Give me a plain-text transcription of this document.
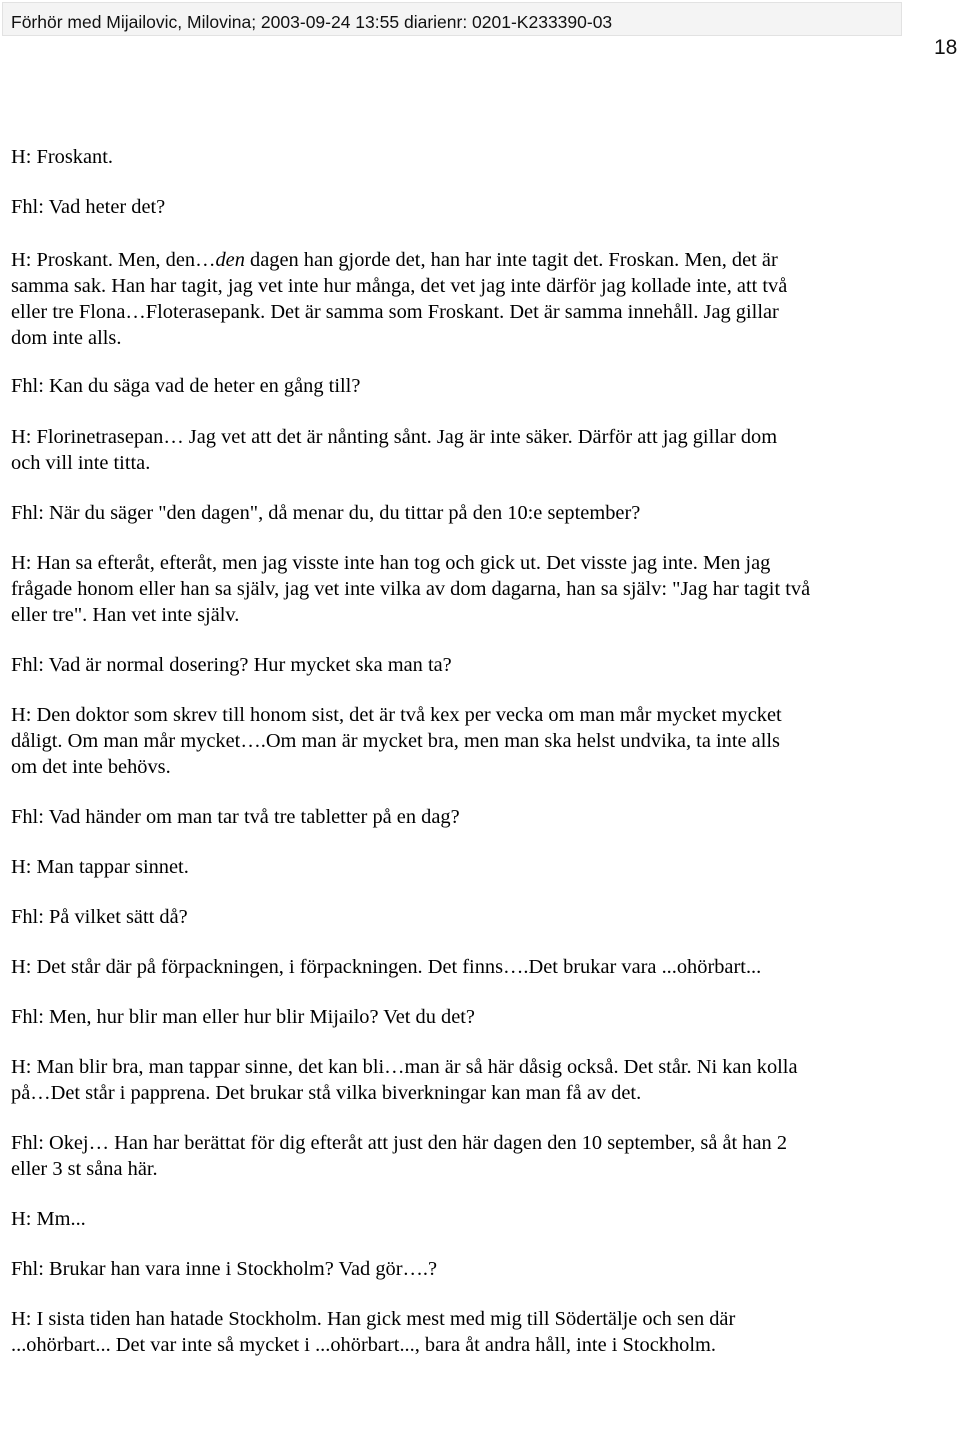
Förhör med Mijailovic, Milovina; 2003-09-24 13:55 diarienr: 0201-K233390-03
18

H: Froskant.

Fhl: Vad heter det?

H: Proskant. Men, den…den dagen han gjorde det, han har inte tagit det. Froskan. Men, det är samma sak. Han har tagit, jag vet inte hur många, det vet jag inte därför jag kollade inte, att två eller tre Flona…Floterasepank. Det är samma som Froskant. Det är samma innehåll. Jag gillar dom inte alls.

Fhl: Kan du säga vad de heter en gång till?

H: Florinetrasepan… Jag vet att det är nånting sånt. Jag är inte säker. Därför att jag gillar dom och vill inte titta.

Fhl: När du säger "den dagen", då menar du, du tittar på den 10:e september?

H: Han sa efteråt, efteråt, men jag visste inte han tog och gick ut. Det visste jag inte. Men jag frågade honom eller han sa själv, jag vet inte vilka av dom dagarna, han sa själv: "Jag har tagit två eller tre". Han vet inte själv.

Fhl: Vad är normal dosering? Hur mycket ska man ta?

H: Den doktor som skrev till honom sist, det är två kex per vecka om man mår mycket mycket dåligt. Om man mår mycket….Om man är mycket bra, men man ska helst undvika, ta inte alls om det inte behövs.

Fhl: Vad händer om man tar två tre tabletter på en dag?

H: Man tappar sinnet.

Fhl: På vilket sätt då?

H: Det står där på förpackningen, i förpackningen. Det finns….Det brukar vara ...ohörbart...

Fhl: Men, hur blir man eller hur blir Mijailo? Vet du det?

H: Man blir bra, man tappar sinne, det kan bli…man är så här dåsig också. Det står. Ni kan kolla på…Det står i papprena. Det brukar stå vilka biverkningar kan man få av det.

Fhl: Okej… Han har berättat för dig efteråt att just den här dagen den 10 september, så åt han 2 eller 3 st såna här.

H: Mm...

Fhl: Brukar han vara inne i Stockholm? Vad gör….?

H: I sista tiden han hatade Stockholm. Han gick mest med mig till Södertälje och sen där ...ohörbart... Det var inte så mycket i ...ohörbart..., bara åt andra håll, inte i Stockholm.
